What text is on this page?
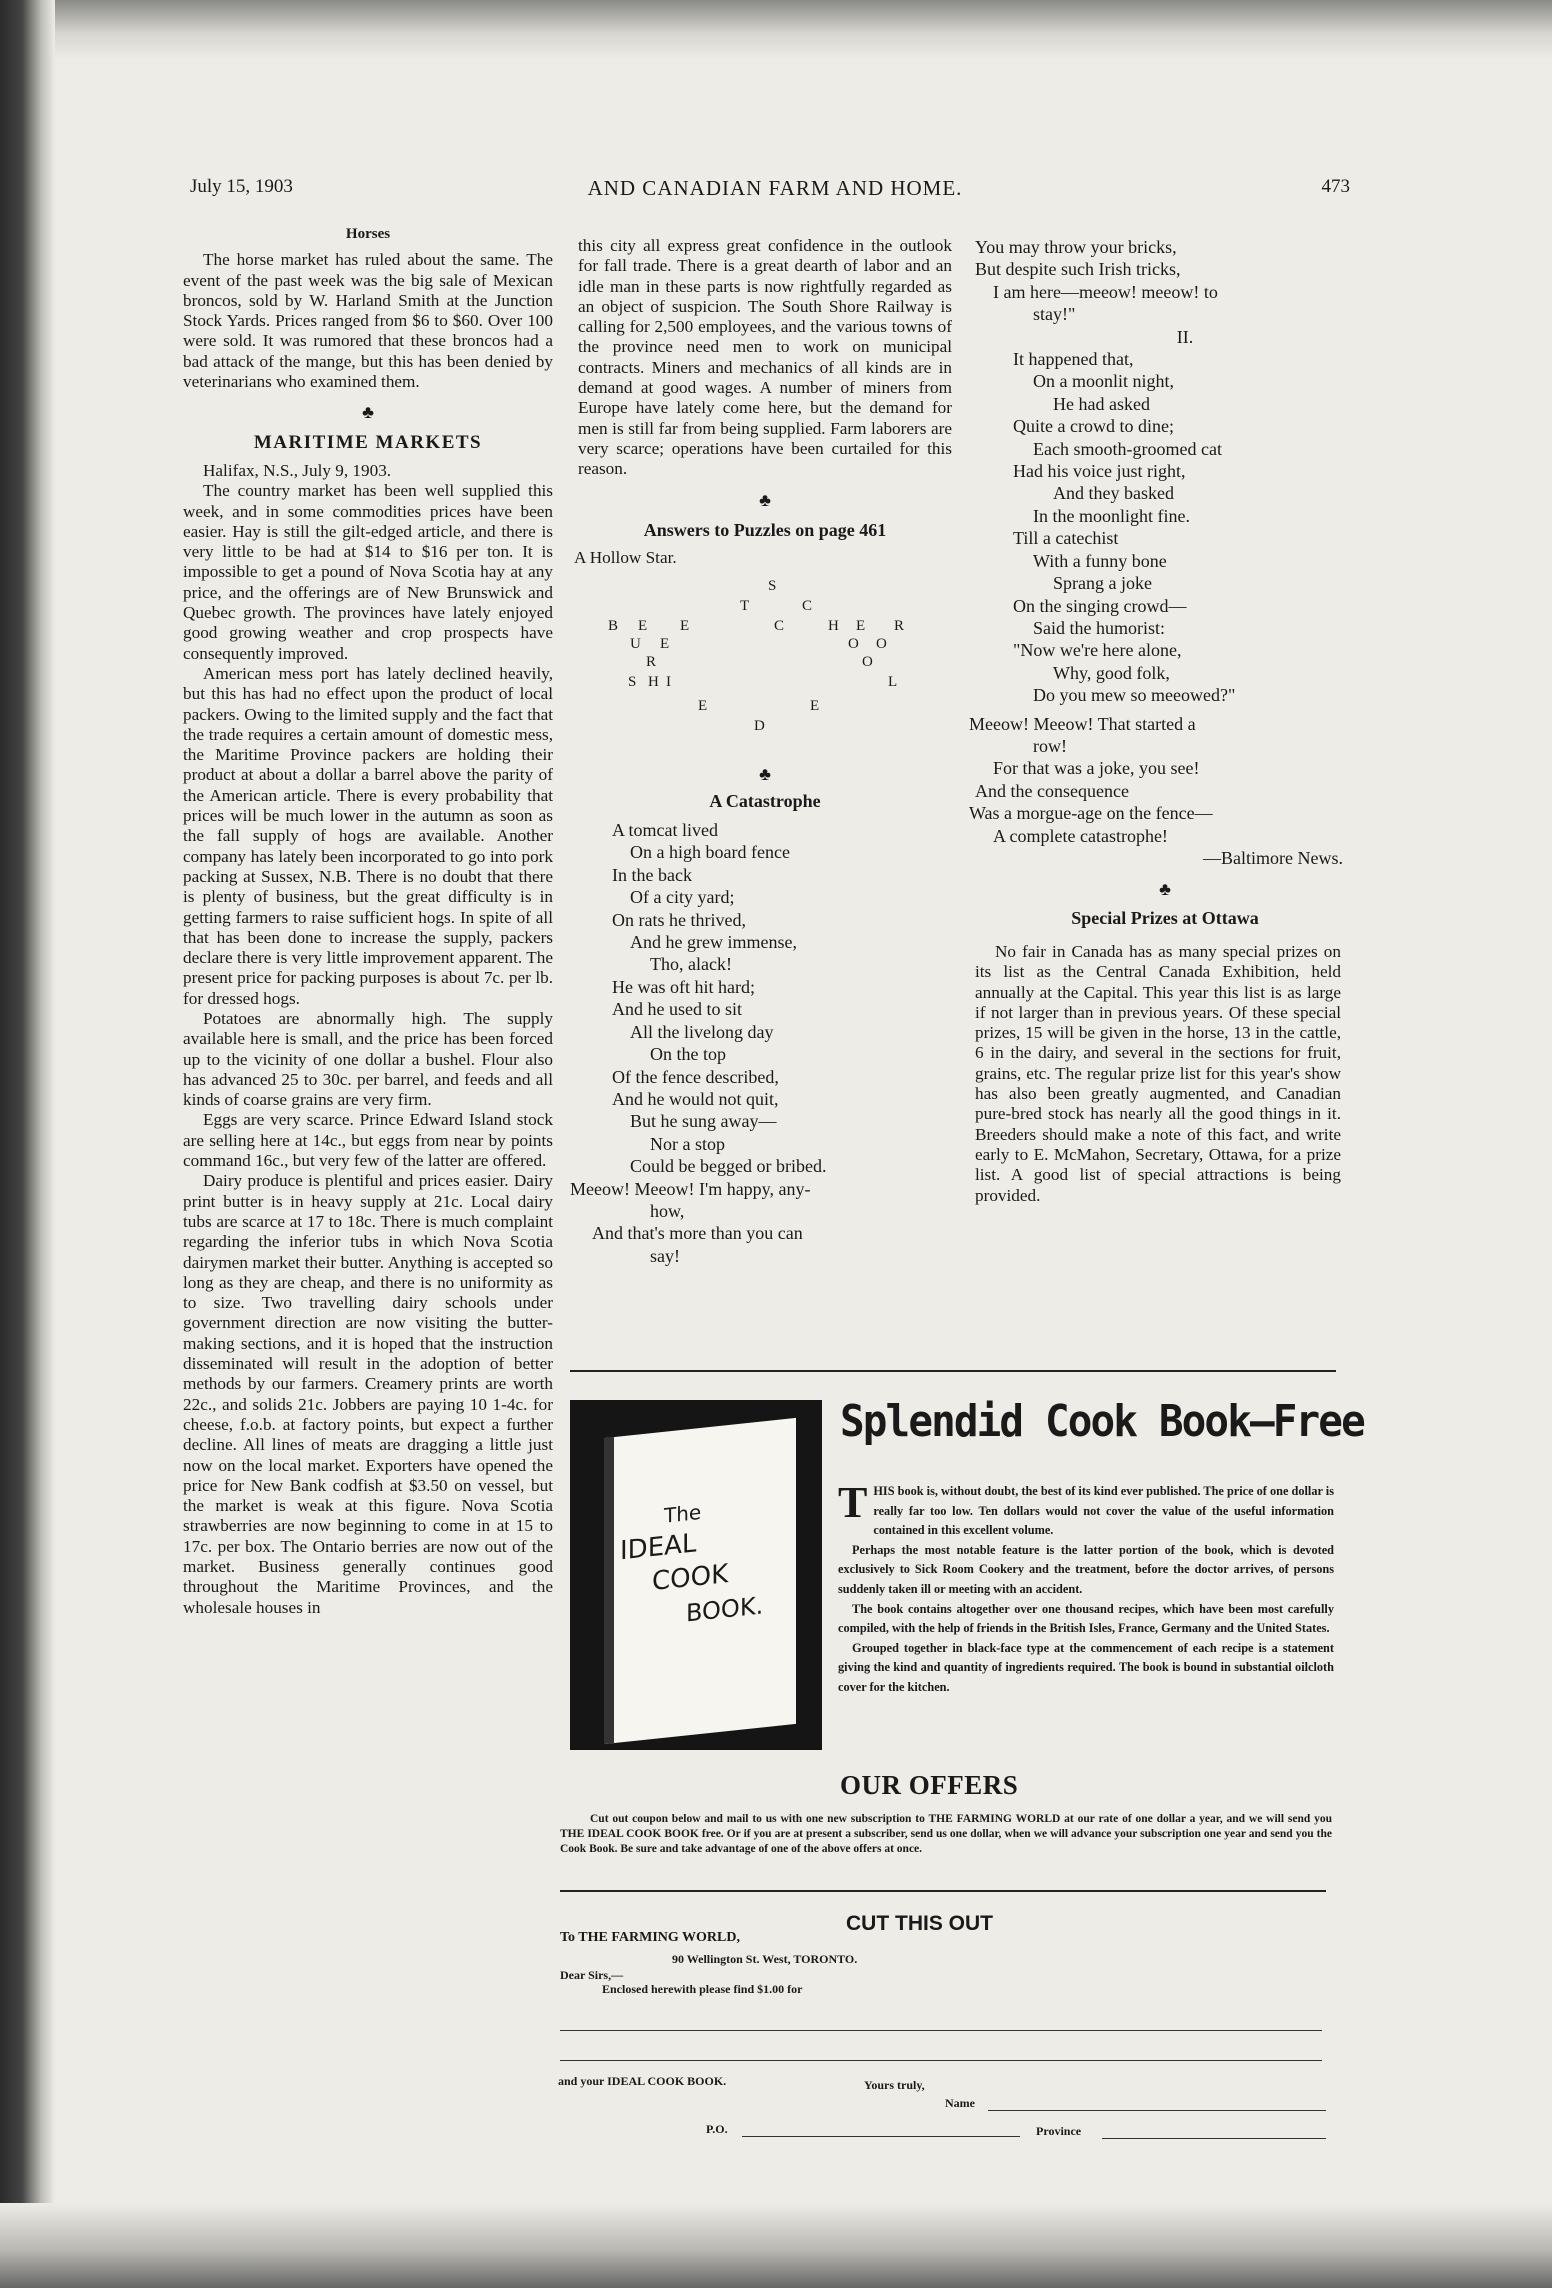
July 15, 1903	AND CANADIAN FARM AND HOME.	473
Horses

The horse market has ruled about the same. The event of the past week was the big sale of Mexican broncos, sold by W. Harland Smith at the Junction Stock Yards. Prices ranged from $6 to $60. Over 100 were sold. It was rumored that these broncos had a bad attack of the mange, but this has been denied by veterinarians who examined them.

♣
MARITIME MARKETS

Halifax, N.S., July 9, 1903.

The country market has been well supplied this week, and in some commodities prices have been easier. Hay is still the gilt-edged article, and there is very little to be had at $14 to $16 per ton. It is impossible to get a pound of Nova Scotia hay at any price, and the offerings are of New Brunswick and Quebec growth. The provinces have lately enjoyed good growing weather and crop prospects have consequently improved.

American mess port has lately declined heavily, but this has had no effect upon the product of local packers. Owing to the limited supply and the fact that the trade requires a certain amount of domestic mess, the Maritime Province packers are holding their product at about a dollar a barrel above the parity of the American article. There is every probability that prices will be much lower in the autumn as soon as the fall supply of hogs are available. Another company has lately been incorporated to go into pork packing at Sussex, N.B. There is no doubt that there is plenty of business, but the great difficulty is in getting farmers to raise sufficient hogs. In spite of all that has been done to increase the supply, packers declare there is very little improvement apparent. The present price for packing purposes is about 7c. per lb. for dressed hogs.

Potatoes are abnormally high. The supply available here is small, and the price has been forced up to the vicinity of one dollar a bushel. Flour also has advanced 25 to 30c. per barrel, and feeds and all kinds of coarse grains are very firm.

Eggs are very scarce. Prince Edward Island stock are selling here at 14c., but eggs from near by points command 16c., but very few of the latter are offered.

Dairy produce is plentiful and prices easier. Dairy print butter is in heavy supply at 21c. Local dairy tubs are scarce at 17 to 18c. There is much complaint regarding the inferior tubs in which Nova Scotia dairymen market their butter. Anything is accepted so long as they are cheap, and there is no uniformity as to size. Two travelling dairy schools under government direction are now visiting the butter-making sections, and it is hoped that the instruction disseminated will result in the adoption of better methods by our farmers. Creamery prints are worth 22c., and solids 21c. Jobbers are paying 10 1-4c. for cheese, f.o.b. at factory points, but expect a further decline. All lines of meats are dragging a little just now on the local market. Exporters have opened the price for New Bank codfish at $3.50 on vessel, but the market is weak at this figure. Nova Scotia strawberries are now beginning to come in at 15 to 17c. per box. The Ontario berries are now out of the market. Business generally continues good throughout the Maritime Provinces, and the wholesale houses in

this city all express great confidence in the outlook for fall trade. There is a great dearth of labor and an idle man in these parts is now rightfully regarded as an object of suspicion. The South Shore Railway is calling for 2,500 employees, and the various towns of the province need men to work on municipal contracts. Miners and mechanics of all kinds are in demand at good wages. A number of miners from Europe have lately come here, but the demand for men is still far from being supplied. Farm laborers are very scarce; operations have been curtailed for this reason.

♣
Answers to Puzzles on page 461
A Hollow Star.
S
T	C
B E E	C	H E R
U E	O O
R	O
S H I	L
E	E
D
♣
A Catastrophe
A tomcat lived
On a high board fence
In the back
Of a city yard;
On rats he thrived,
And he grew immense,
Tho, alack!
He was oft hit hard;
And he used to sit
All the livelong day
On the top
Of the fence described,
And he would not quit,
But he sung away—
Nor a stop
Could be begged or bribed.
Meeow! Meeow! I'm happy, any-
how,
And that's more than you can
say!
You may throw your bricks,
But despite such Irish tricks,
I am here—meeow! meeow! to
stay!"
II.
It happened that,
On a moonlit night,
He had asked
Quite a crowd to dine;
Each smooth-groomed cat
Had his voice just right,
And they basked
In the moonlight fine.
Till a catechist
With a funny bone
Sprang a joke
On the singing crowd—
Said the humorist:
"Now we're here alone,
Why, good folk,
Do you mew so meeowed?"
Meeow! Meeow! That started a
row!
For that was a joke, you see!
And the consequence
Was a morgue-age on the fence—
A complete catastrophe!
—Baltimore News.
♣
Special Prizes at Ottawa

No fair in Canada has as many special prizes on its list as the Central Canada Exhibition, held annually at the Capital. This year this list is as large if not larger than in previous years. Of these special prizes, 15 will be given in the horse, 13 in the cattle, 6 in the dairy, and several in the sections for fruit, grains, etc. The regular prize list for this year's show has also been greatly augmented, and Canadian pure-bred stock has nearly all the good things in it. Breeders should make a note of this fact, and write early to E. McMahon, Secretary, Ottawa, for a prize list. A good list of special attractions is being provided.

The
IDEAL
COOK
BOOK.
Splendid Cook Book—Free
T HIS book is, without doubt, the best of its kind ever published. The price of one dollar is really far too low. Ten dollars would not cover the value of the useful information contained in this excellent volume.

Perhaps the most notable feature is the latter portion of the book, which is devoted exclusively to Sick Room Cookery and the treatment, before the doctor arrives, of persons suddenly taken ill or meeting with an accident.

The book contains altogether over one thousand recipes, which have been most carefully compiled, with the help of friends in the British Isles, France, Germany and the United States.

Grouped together in black-face type at the commencement of each recipe is a statement giving the kind and quantity of ingredients required. The book is bound in substantial oilcloth cover for the kitchen.

OUR OFFERS
Cut out coupon below and mail to us with one new subscription to THE FARMING WORLD at our rate of one dollar a year, and we will send you THE IDEAL COOK BOOK free. Or if you are at present a subscriber, send us one dollar, when we will advance your subscription one year and send you the Cook Book. Be sure and take advantage of one of the above offers at once.
CUT THIS OUT
To THE FARMING WORLD,
90 Wellington St. West, TORONTO.
Dear Sirs,—
Enclosed herewith please find $1.00 for
and your IDEAL COOK BOOK.	Yours truly,
Name
P.O.	Province
